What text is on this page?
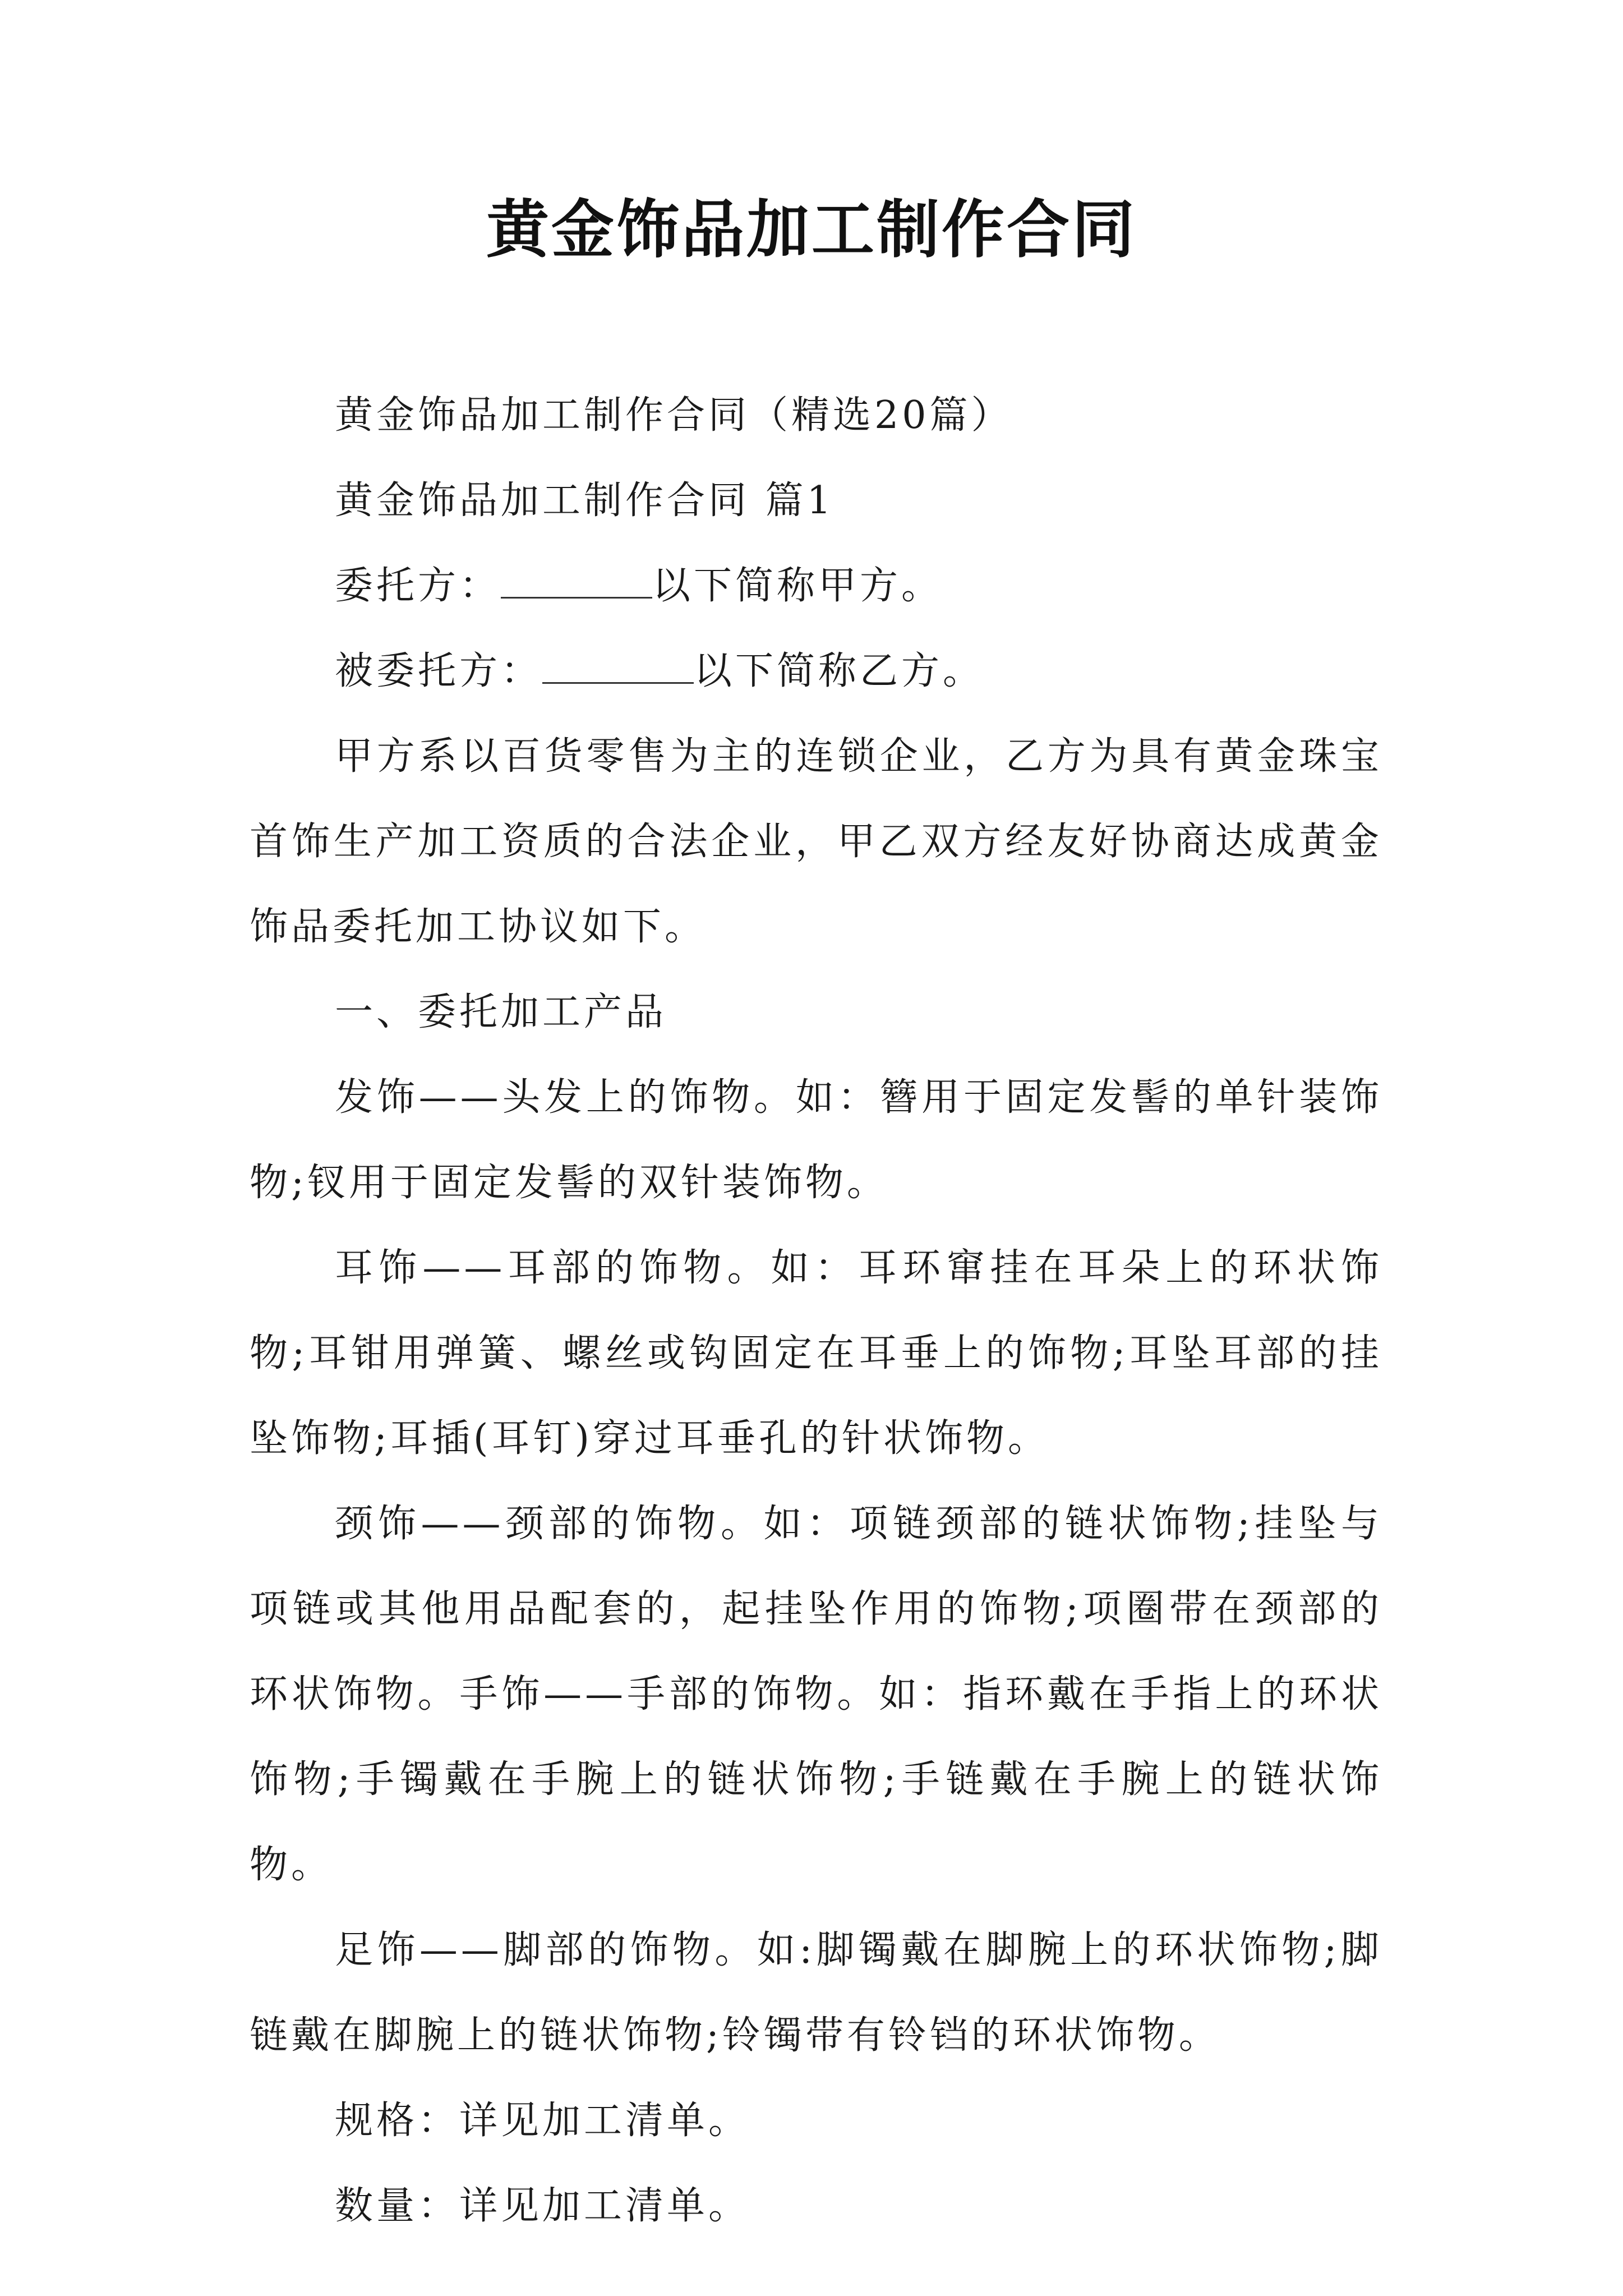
黄金饰品加工制作合同

黄金饰品加工制作合同（精选20篇）

黄金饰品加工制作合同 篇1

委托方：	以下简称甲方。

被委托方：	以下简称乙方。

甲方系以百货零售为主的连锁企业，乙方为具有黄金珠宝首饰生产加工资质的合法企业，甲乙双方经友好协商达成黄金饰品委托加工协议如下。

一、委托加工产品

发饰——头发上的饰物。如：簪用于固定发髻的单针装饰物;钗用于固定发髻的双针装饰物。

耳饰——耳部的饰物。如：耳环窜挂在耳朵上的环状饰物;耳钳用弹簧、螺丝或钩固定在耳垂上的饰物;耳坠耳部的挂坠饰物;耳插(耳钉)穿过耳垂孔的针状饰物。

颈饰——颈部的饰物。如：项链颈部的链状饰物;挂坠与项链或其他用品配套的，起挂坠作用的饰物;项圈带在颈部的环状饰物。手饰——手部的饰物。如：指环戴在手指上的环状饰物;手镯戴在手腕上的链状饰物;手链戴在手腕上的链状饰物。

足饰——脚部的饰物。如:脚镯戴在脚腕上的环状饰物;脚链戴在脚腕上的链状饰物;铃镯带有铃铛的环状饰物。

规格：详见加工清单。

数量：详见加工清单。
